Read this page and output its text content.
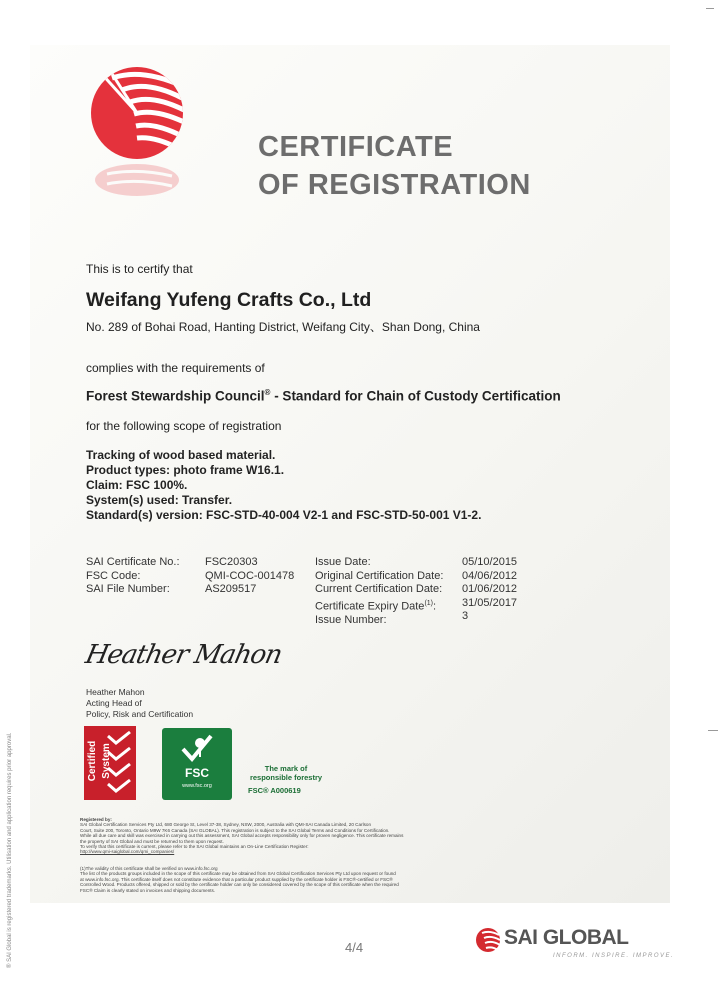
CERTIFICATE
OF REGISTRATION
This is to certify that
Weifang Yufeng Crafts Co., Ltd
No. 289 of Bohai Road, Hanting District, Weifang City、Shan Dong, China
complies with the requirements of
Forest Stewardship Council® - Standard for Chain of Custody Certification
for the following scope of registration
Tracking of wood based material.
Product types: photo frame W16.1.
Claim: FSC 100%.
System(s) used: Transfer.
Standard(s) version: FSC-STD-40-004 V2-1 and FSC-STD-50-001 V1-2.
SAI Certificate No.:
FSC Code:
SAI File Number:
FSC20303
QMI-COC-001478
AS209517
Issue Date:
Original Certification Date:
Current Certification Date:
Certificate Expiry Date$^{(1)}$:
Issue Number:
05/10/2015
04/06/2012
01/06/2012
31/05/2017
3
Heather Mahon
Heather Mahon
Acting Head of
Policy, Risk and Certification
Certified System	FSC
www.fsc.org
The mark of
responsible forestry
FSC® A000619
Registered by:
SAI Global Certification Services Pty Ltd, 680 George St, Level 37-38, Sydney, NSW, 2000, Australia with QMI-SAI Canada Limited, 20 Carlson
Court, Suite 200, Toronto, Ontario M9W 7K6 Canada (SAI GLOBAL). This registration is subject to the SAI Global Terms and Conditions for Certification.
While all due care and skill was exercised in carrying out this assessment, SAI Global accepts responsibility only for proven negligence. This certificate remains
the property of SAI Global and must be returned to them upon request.
To verify that this certificate is current, please refer to the SAI Global maintains an On-Line Certification Register:
http://www.qmi-saiglobal.com/qmi_companies/
(1)The validity of this certificate shall be verified on www.info.fsc.org
The list of the products groups included in the scope of this certificate may be obtained from SAI Global Certification Services Pty Ltd upon request or found
at www.info.fsc.org. This certificate itself does not constitute evidence that a particular product supplied by the certificate holder is FSC®-certified or FSC®
Controlled Wood. Products offered, shipped or sold by the certificate holder can only be considered covered by the scope of this certificate when the required
FSC® Claim is clearly stated on invoices and shipping documents.
4/4	SAI GLOBAL
INFORM. INSPIRE. IMPROVE.
® SAI Global is registered trademarks. Utilisation and application requires prior approval.
